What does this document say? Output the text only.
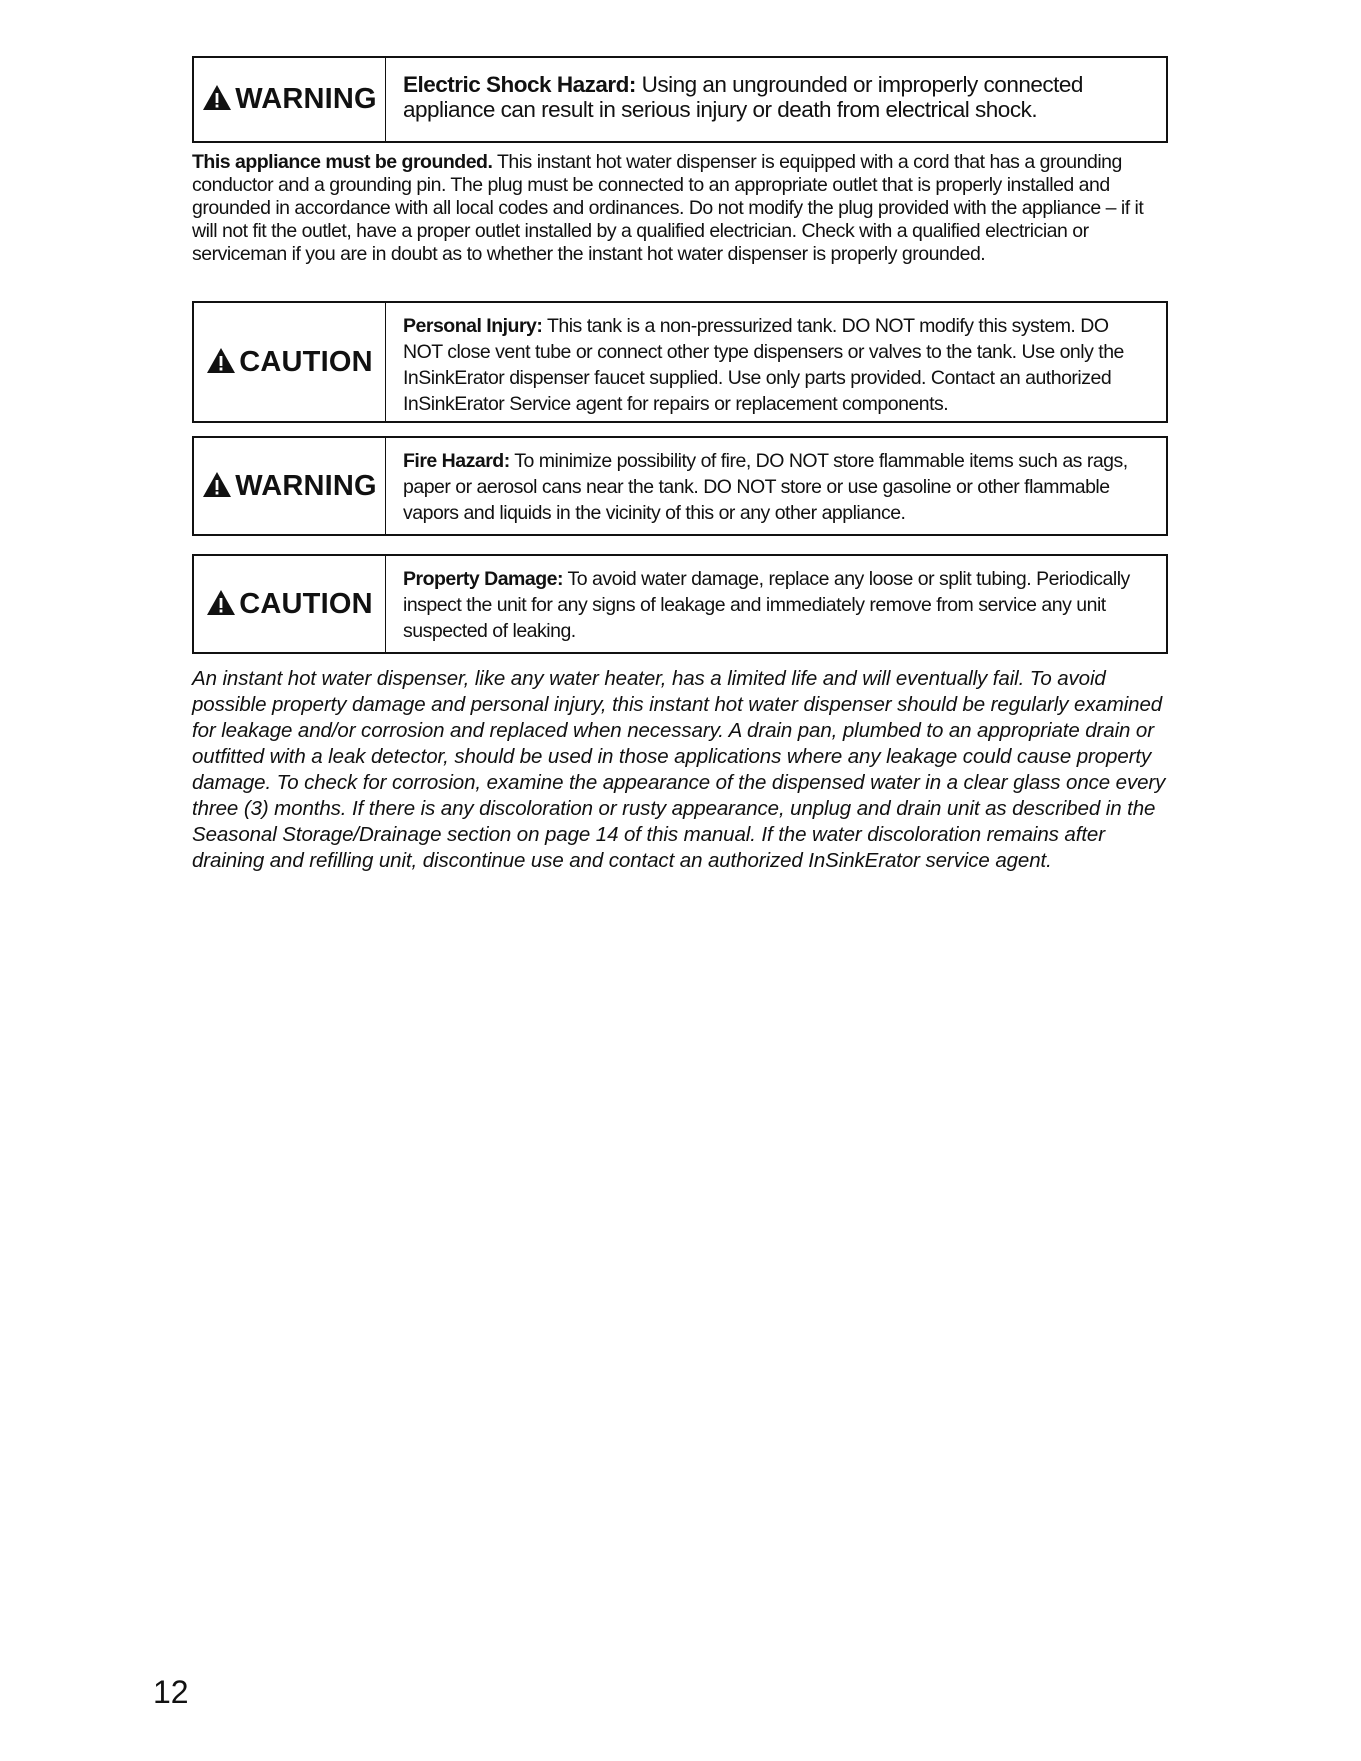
WARNING	Electric Shock Hazard: Using an ungrounded or improperly connected appliance can result in serious injury or death from electrical shock.
This appliance must be grounded. This instant hot water dispenser is equipped with a cord that has a grounding conductor and a grounding pin. The plug must be connected to an appropriate outlet that is properly installed and grounded in accordance with all local codes and ordinances. Do not modify the plug provided with the appliance – if it will not fit the outlet, have a proper outlet installed by a qualified electrician. Check with a qualified electrician or serviceman if you are in doubt as to whether the instant hot water dispenser is properly grounded.
CAUTION
Personal Injury: This tank is a non-pressurized tank. DO NOT modify this system. DO NOT close vent tube or connect other type dispensers or valves to the tank. Use only the InSinkErator dispenser faucet supplied. Use only parts provided. Contact an authorized InSinkErator Service agent for repairs or replacement components.
WARNING
Fire Hazard: To minimize possibility of fire, DO NOT store flammable items such as rags, paper or aerosol cans near the tank. DO NOT store or use gasoline or other flammable vapors and liquids in the vicinity of this or any other appliance.
CAUTION
Property Damage: To avoid water damage, replace any loose or split tubing. Periodically inspect the unit for any signs of leakage and immediately remove from service any unit suspected of leaking.
An instant hot water dispenser, like any water heater, has a limited life and will eventually fail. To avoid possible property damage and personal injury, this instant hot water dispenser should be regularly examined for leakage and/or corrosion and replaced when necessary. A drain pan, plumbed to an appropriate drain or outfitted with a leak detector, should be used in those applications where any leakage could cause property damage. To check for corrosion, examine the appearance of the dispensed water in a clear glass once every three (3) months. If there is any discoloration or rusty appearance, unplug and drain unit as described in the Seasonal Storage/Drainage section on page 14 of this manual. If the water discoloration remains after draining and refilling unit, discontinue use and contact an authorized InSinkErator service agent.
12
